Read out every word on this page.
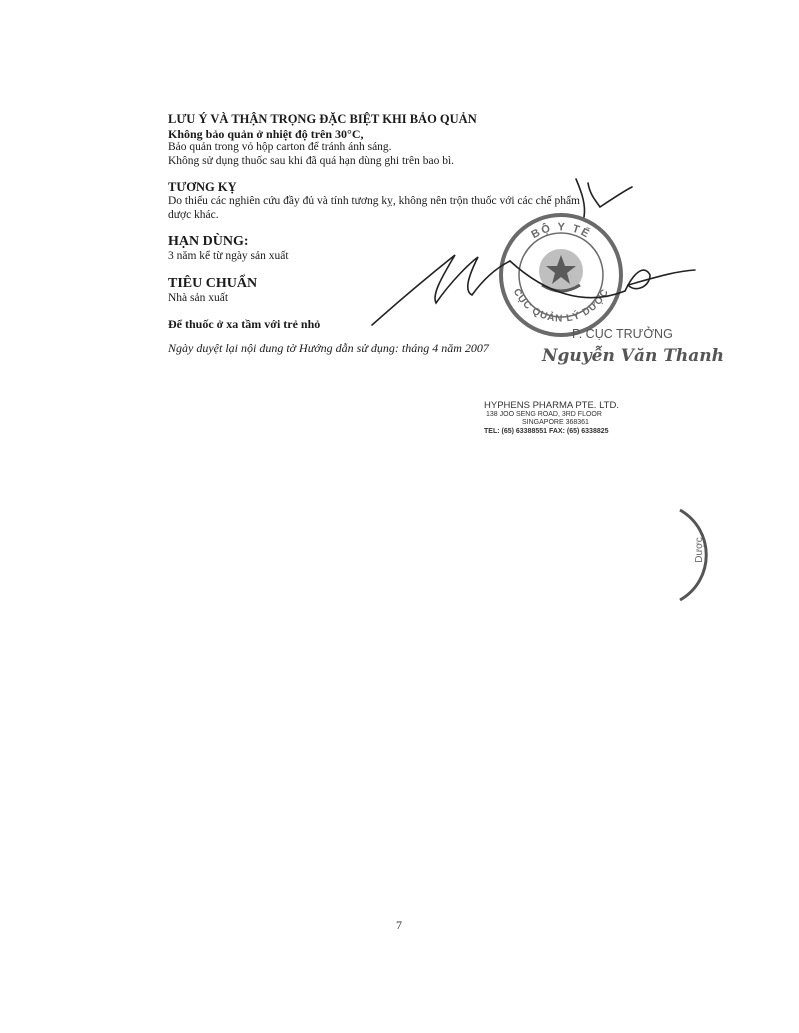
LƯU Ý VÀ THẬN TRỌNG ĐẶC BIỆT KHI BẢO QUẢN
Không bảo quản ở nhiệt độ trên 30°C,
Bảo quản trong vỏ hộp carton để tránh ánh sáng.
Không sử dụng thuốc sau khi đã quá hạn dùng ghi trên bao bì.
TƯƠNG KỴ
Do thiếu các nghiên cứu đầy đủ và tính tương kỵ, không nên trộn thuốc với các chế phẩm
dược khác.
HẠN DÙNG:
3 năm kể từ ngày sản xuất
TIÊU CHUẨN
Nhà sản xuất
Để thuốc ở xa tầm với trẻ nhỏ
Ngày duyệt lại nội dung tờ Hướng dẫn sử dụng: tháng 4 năm 2007
BỘ Y TẾ
CỤC QUẢN LÝ DƯỢC
P. CỤC TRƯỞNG
Nguyễn Văn Thanh
HYPHENS PHARMA PTE. LTD.
138 JOO SENG ROAD, 3RD FLOOR
SINGAPORE 368361
TEL: (65) 63388551 FAX: (65) 6338825
Dược
7
